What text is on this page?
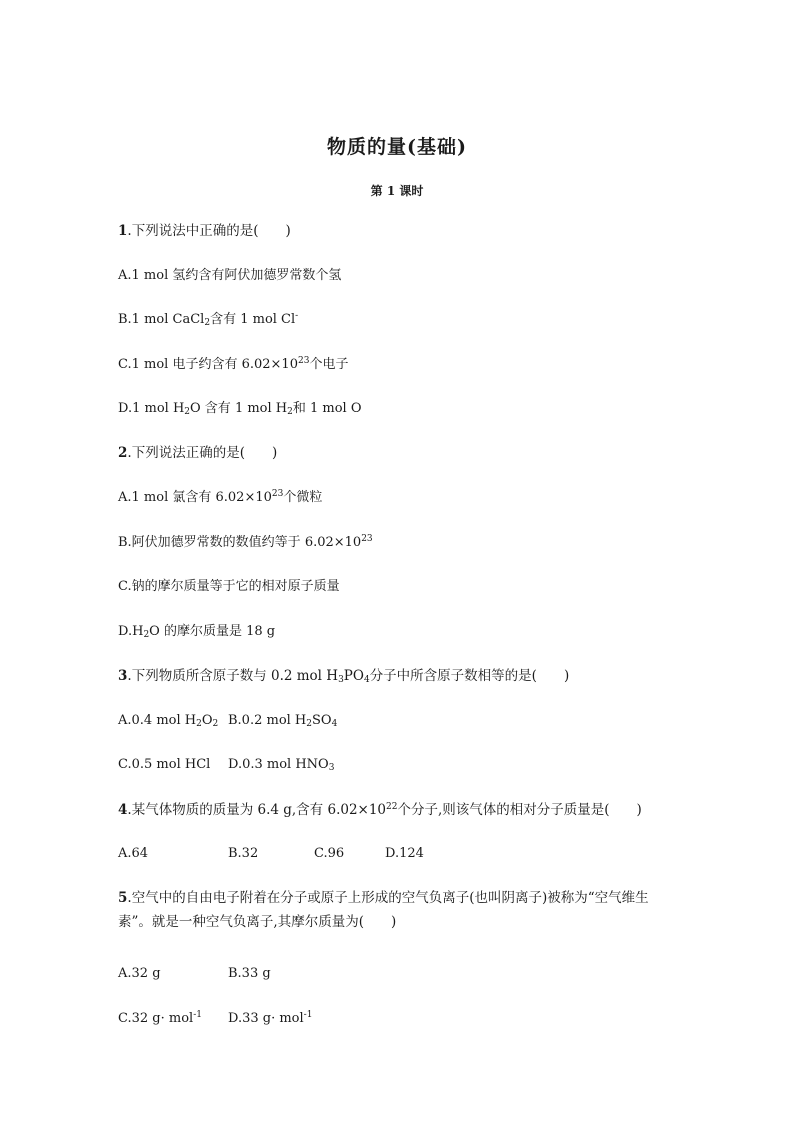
物质的量(基础)
第 1 课时
1.下列说法中正确的是(　　)
A.1 mol 氢约含有阿伏加德罗常数个氢
B.1 mol CaCl$_2$含有 1 mol Cl-
C.1 mol 电子约含有 $6.02\times 10^{23}$个电子
D.1 mol $H_2O$ 含有 1 mol $H_2$和 1 mol O
2.下列说法正确的是(　　)
A.1 mol 氯含有 $6.02\times 10^{23}$个微粒
B.阿伏加德罗常数的数值约等于 $6.02\times 10^{23}$
C.钠的摩尔质量等于它的相对原子质量
$D.H_2O$ 的摩尔质量是 18 g
3.下列物质所含原子数与 0.2 mol $H_3PO_4$分子中所含原子数相等的是(　　)
A.0.4 mol $H_2O_2$ B.0.2 mol $H_2SO_4$
C.0.5 mol HCl D.0.3 mol $HNO_3$
4.某气体物质的质量为 6.4 g,含有 $6.02\times 10^{22}$个分子,则该气体的相对分子质量是(　　)
A.64	B.32	C.96	D.124
5.空气中的自由电子附着在分子或原子上形成的空气负离子(也叫阴离子)被称为“空气维生
素”。就是一种空气负离子,其摩尔质量为(　　)
A.32 g	B.33 g
C.32 g· mol$^{-1}$ D.33 g· mol$^{-1}$
